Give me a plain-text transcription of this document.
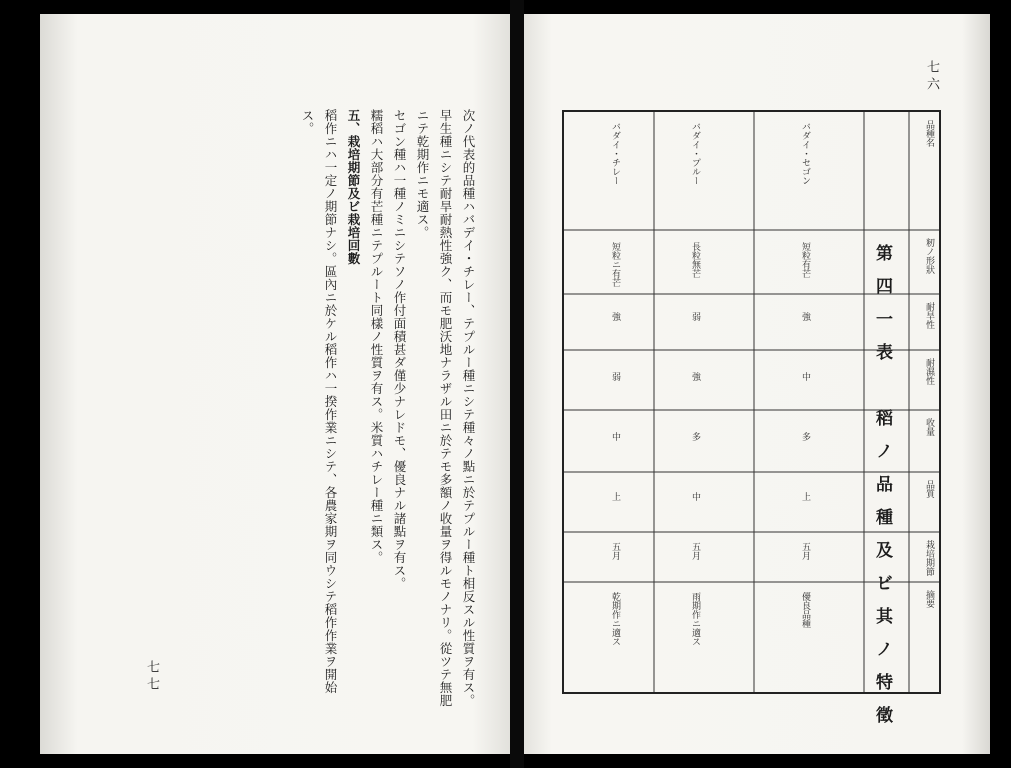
次ノ代表的品種ハバデイ・チレー、テプルー種ニシテ種々ノ點ニ於テプルー種ト相反スル性質ヲ有ス。早生種ニシテ耐旱耐熱性強ク、而モ肥沃地ナラザル田ニ於テモ多額ノ收量ヲ得ルモノナリ。從ツテ無肥ニテ乾期作ニモ適ス。

セゴン種ハ一種ノミニシテソノ作付面積甚ダ僅少ナレドモ、優良ナル諸點ヲ有ス。

糯稻ハ大部分有芒種ニテプルート同樣ノ性質ヲ有ス。米質ハチレー種ニ類ス。

五、栽培期節及ビ栽培回數

稻作ニハ一定ノ期節ナシ。區內ニ於ケル稻作ハ一揆作業ニシテ、各農家期ヲ同ウシテ稻作作業ヲ開始ス。

七七
七六
第四一表　稻ノ品種及ビ其ノ特徵
品種名
籾ノ形狀
耐旱性
耐濕性
收量
品質
栽培期節
摘要
バダイ・チレー
短粒ニ有芒
強
弱
中
上
五月
乾期作ニ適ス
バダイ・プルー
長粒無芒
弱
強
多
中
五月
雨期作ニ適ス
バダイ・セゴン
短粒有芒
強
中
多
上
五月
優良品種
